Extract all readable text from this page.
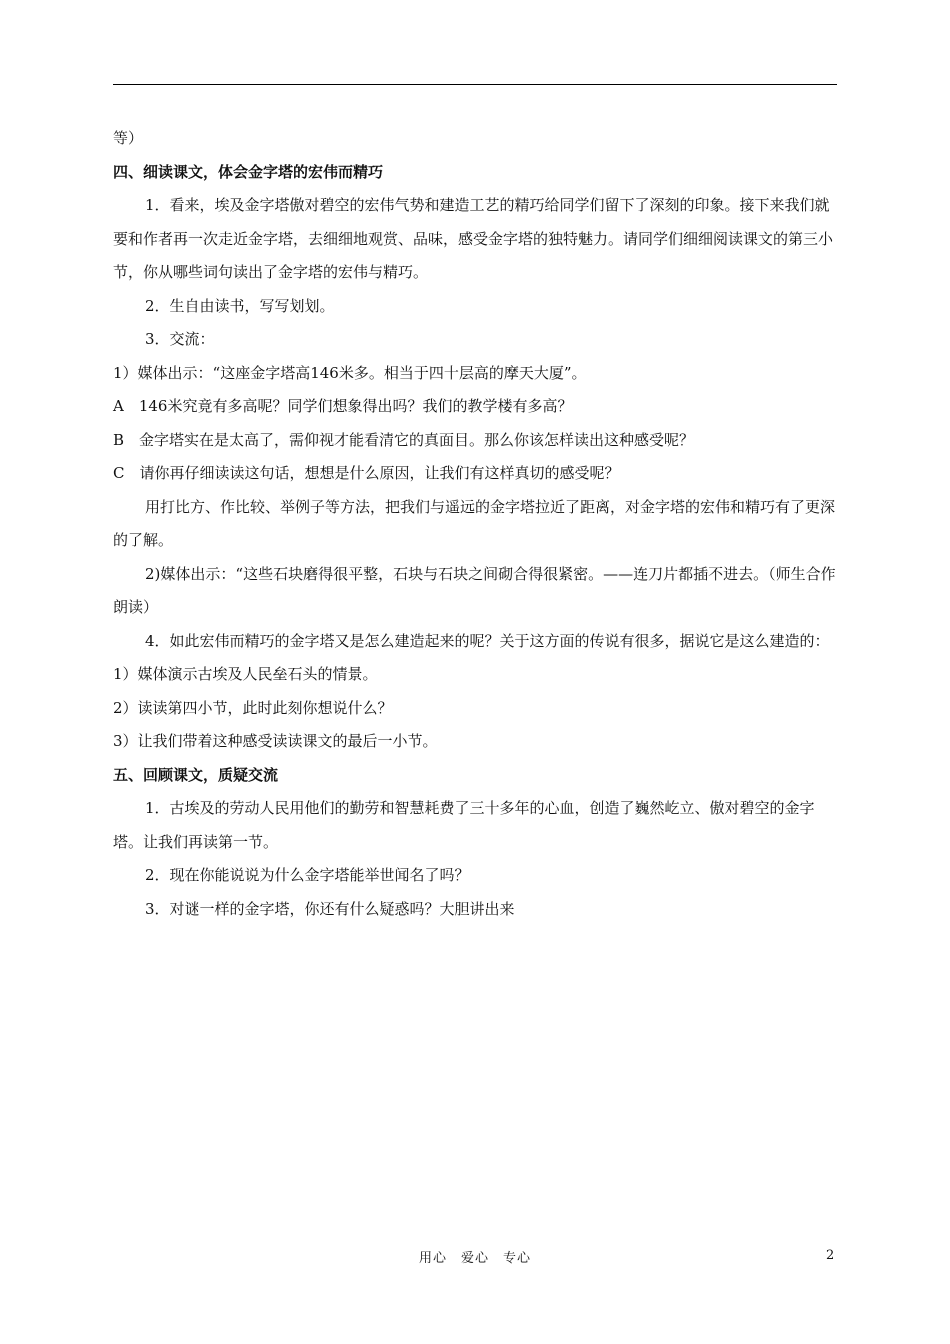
等）

四、细读课文，体会金字塔的宏伟而精巧

1．看来，埃及金字塔傲对碧空的宏伟气势和建造工艺的精巧给同学们留下了深刻的印象。接下来我们就要和作者再一次走近金字塔，去细细地观赏、品味，感受金字塔的独特魅力。请同学们细细阅读课文的第三小节，你从哪些词句读出了金字塔的宏伟与精巧。

2．生自由读书，写写划划。

3．交流：

1）媒体出示：“这座金字塔高146米多。相当于四十层高的摩天大厦”。

A　146米究竟有多高呢？同学们想象得出吗？我们的教学楼有多高？

B　金字塔实在是太高了，需仰视才能看清它的真面目。那么你该怎样读出这种感受呢？

C　请你再仔细读读这句话，想想是什么原因，让我们有这样真切的感受呢？

用打比方、作比较、举例子等方法，把我们与遥远的金字塔拉近了距离，对金字塔的宏伟和精巧有了更深的了解。

2)媒体出示：“这些石块磨得很平整，石块与石块之间砌合得很紧密。——连刀片都插不进去。（师生合作朗读）

4．如此宏伟而精巧的金字塔又是怎么建造起来的呢？关于这方面的传说有很多，据说它是这么建造的：

1）媒体演示古埃及人民垒石头的情景。

2）读读第四小节，此时此刻你想说什么？

3）让我们带着这种感受读读课文的最后一小节。

五、回顾课文，质疑交流

1．古埃及的劳动人民用他们的勤劳和智慧耗费了三十多年的心血，创造了巍然屹立、傲对碧空的金字塔。让我们再读第一节。

2．现在你能说说为什么金字塔能举世闻名了吗？

3．对谜一样的金字塔，你还有什么疑惑吗？大胆讲出来

用心　爱心　专心	2
